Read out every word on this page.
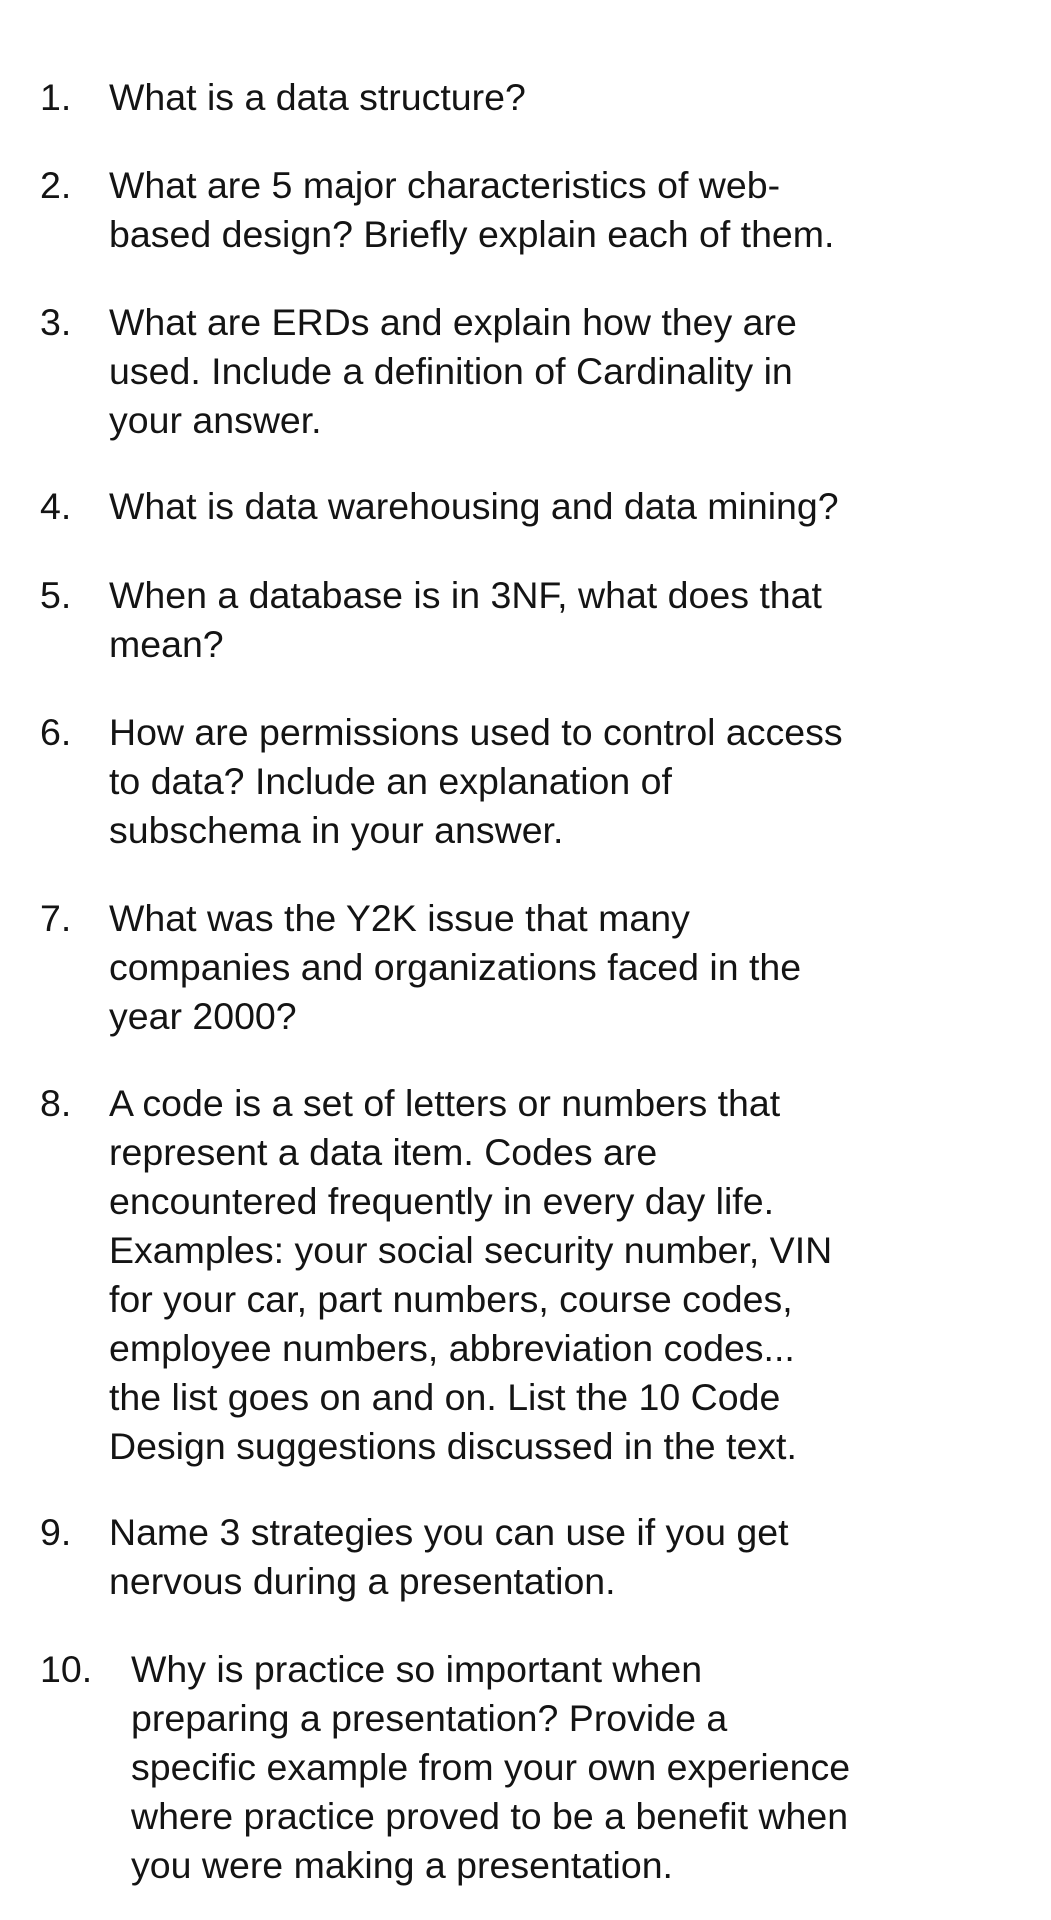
1. What is a data structure?
2. What are 5 major characteristics of web-
based design? Briefly explain each of them.
3. What are ERDs and explain how they are
used. Include a definition of Cardinality in
your answer.
4. What is data warehousing and data mining?
5. When a database is in 3NF, what does that
mean?
6. How are permissions used to control access
to data? Include an explanation of
subschema in your answer.
7. What was the Y2K issue that many
companies and organizations faced in the
year 2000?
8. A code is a set of letters or numbers that
represent a data item. Codes are
encountered frequently in every day life.
Examples: your social security number, VIN
for your car, part numbers, course codes,
employee numbers, abbreviation codes...
the list goes on and on. List the 10 Code
Design suggestions discussed in the text.
9. Name 3 strategies you can use if you get
nervous during a presentation.
10. Why is practice so important when
preparing a presentation? Provide a
specific example from your own experience
where practice proved to be a benefit when
you were making a presentation.
